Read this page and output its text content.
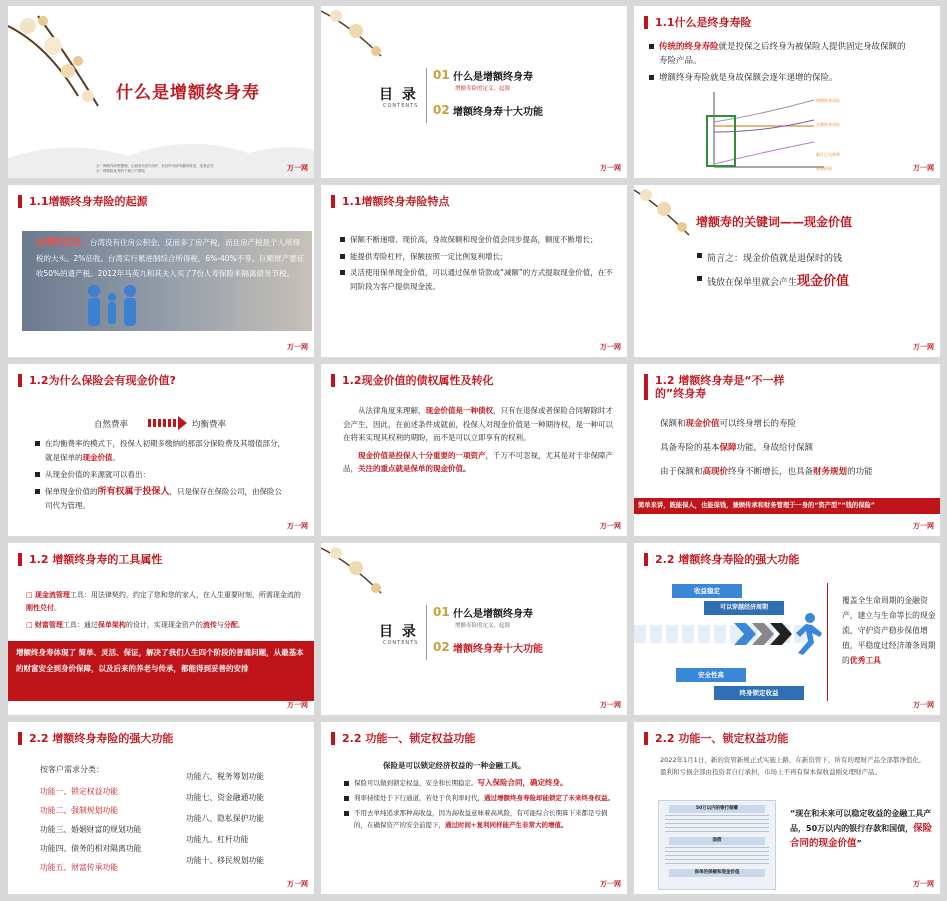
什么是增额终身寿
万一网制作收集整理，记载虽有部分同P，未经许可请勿翻用转发，违者必究
万一网保险优秀的下载门户网站	万一网
目 录
CONTENTS
01 什么是增额终身寿
增额寿险的定义、起源
02 增额终身寿十大功能
万一网
1.1什么是终身寿险
传统的终身寿险就是投保之后终身为被保险人提供固定身故保额的寿险产品。
增额终身寿险就是身故保额会逐年递增的保险。
增额终身寿险
定额终身寿险
累计已交保费
现金价值	万一网
1.1增额终身寿险的起源
台湾的过去：台湾没有住房公积金，反而多了房产税，而且房产税是个人所得税的大头。2%征收。台湾实行累进制综合所得税，6%-40%不等。巨额财产要征收50%的遗产税。2012年马英九和其夫人买了7份人寿保险来隔离债务节税。
万一网
1.1增额终身寿险特点
保额不断递增、现价高，身故保额和现金价值会同步提高，额度不断增长；
能提供寿险杠杆，保额按照一定比例复利增长；
灵活使用保单现金价值，可以通过保单贷款或“减额”的方式提取现金价值，在不同阶段为客户提供现金流。
万一网
增额寿的关键词——现金价值
简言之：现金价值就是退保时的钱
钱放在保单里就会产生现金价值
万一网
1.2为什么保险会有现金价值?
自然费率	均衡费率
在均衡费率的模式下，投保人初期多缴纳的那部分保险费及其增值部分，就是保单的现金价值。
从现金价值的来源就可以看出：
保单现金价值的所有权属于投保人，只是保存在保险公司，由保险公司代为管理。
万一网
1.2现金价值的债权属性及转化

从法律角度来理解，现金价值是一种债权，只有在退保或者保险合同解除时才会产生，因此，在前述条件成就前，投保人对现金价值是一种期待权，是一种可以在将来实现其权利的期盼，而不是可以立即享有的权利。

现金价值是投保人十分重要的一项资产，千万不可忽视，尤其是对于非保障产品，关注的重点就是保单的现金价值。

万一网
1.2 增额终身寿是“不一样的”终身寿
保额和现金价值可以终身增长的寿险
具备寿险的基本保障功能，身故给付保额
由于保额和高现价终身不断增长，也具备财务规划的功能
简单来讲，既能保人，也能保钱，兼顾传承和财务管理于一身的“资产型”“钱的保险”
万一网
1.2 增额终身寿的工具属性
□ 现金流管理工具：用法律契约，约定了您和您的家人，在人生重要时刻，所需现金流的刚性兑付。
□ 财富管理工具：通过保单架构的设计，实现现金资产的流传与分配。
增额终身寿体现了 简单、灵活、保证，解决了我们人生四个阶段的普通问题，从最基本的财富安全到身价保障，以及后来的养老与传承，都能得到妥善的安排
万一网
目 录
CONTENTS
01 什么是增额终身寿
增额寿险的定义、起源
02 增额终身寿十大功能
万一网
2.2 增额终身寿险的强大功能
收益稳定
可以穿越经济周期
安全性高
终身锁定收益
覆盖全生命周期的金融资产，建立与生命等长的现金流，守护资产稳步保值增值，平稳度过经济萧条周期的优秀工具
万一网
2.2 增额终身寿险的强大功能
按客户需求分类：
功能一、锁定权益功能
功能二、强制规划功能
功能三、婚姻财富的规划功能
功能四、债务的相对隔离功能
功能五、财富传承功能
功能六、税务筹划功能
功能七、资金融通功能
功能八、隐私保护功能
功能九、杠杆功能
功能十、移民规划功能
万一网
2.2 功能一、锁定权益功能
保险是可以锁定经济权益的一种金融工具。
保险可以做到锁定权益，安全和长期稳定。写入保险合同，确定终身。
利率持续处于下行通道，若处于负利率时代，通过增额终身寿险却能锁定了未来终身权益。
不用去单纯追求那种高收益，因为高收益意味着高风险，有可能综合长期算下来都是亏损的，在确保资产的安全前提下，通过时间+复利同样能产生非常大的增值。
万一网
2.2 功能一、锁定权益功能
2022年1月1日，新的资管新规正式实施上路，在新资管下，所有的理财产品全部都净值化，盈利和亏损全部由投资者自行承担，市场上不再有保本保收益刚兑理财产品。
50万以内的银行储蓄
国债
保单的保额和现金价值
“现在和未来可以稳定收益的金融工具产品，50万以内的银行存款和国债，保险合同的现金价值”
万一网
